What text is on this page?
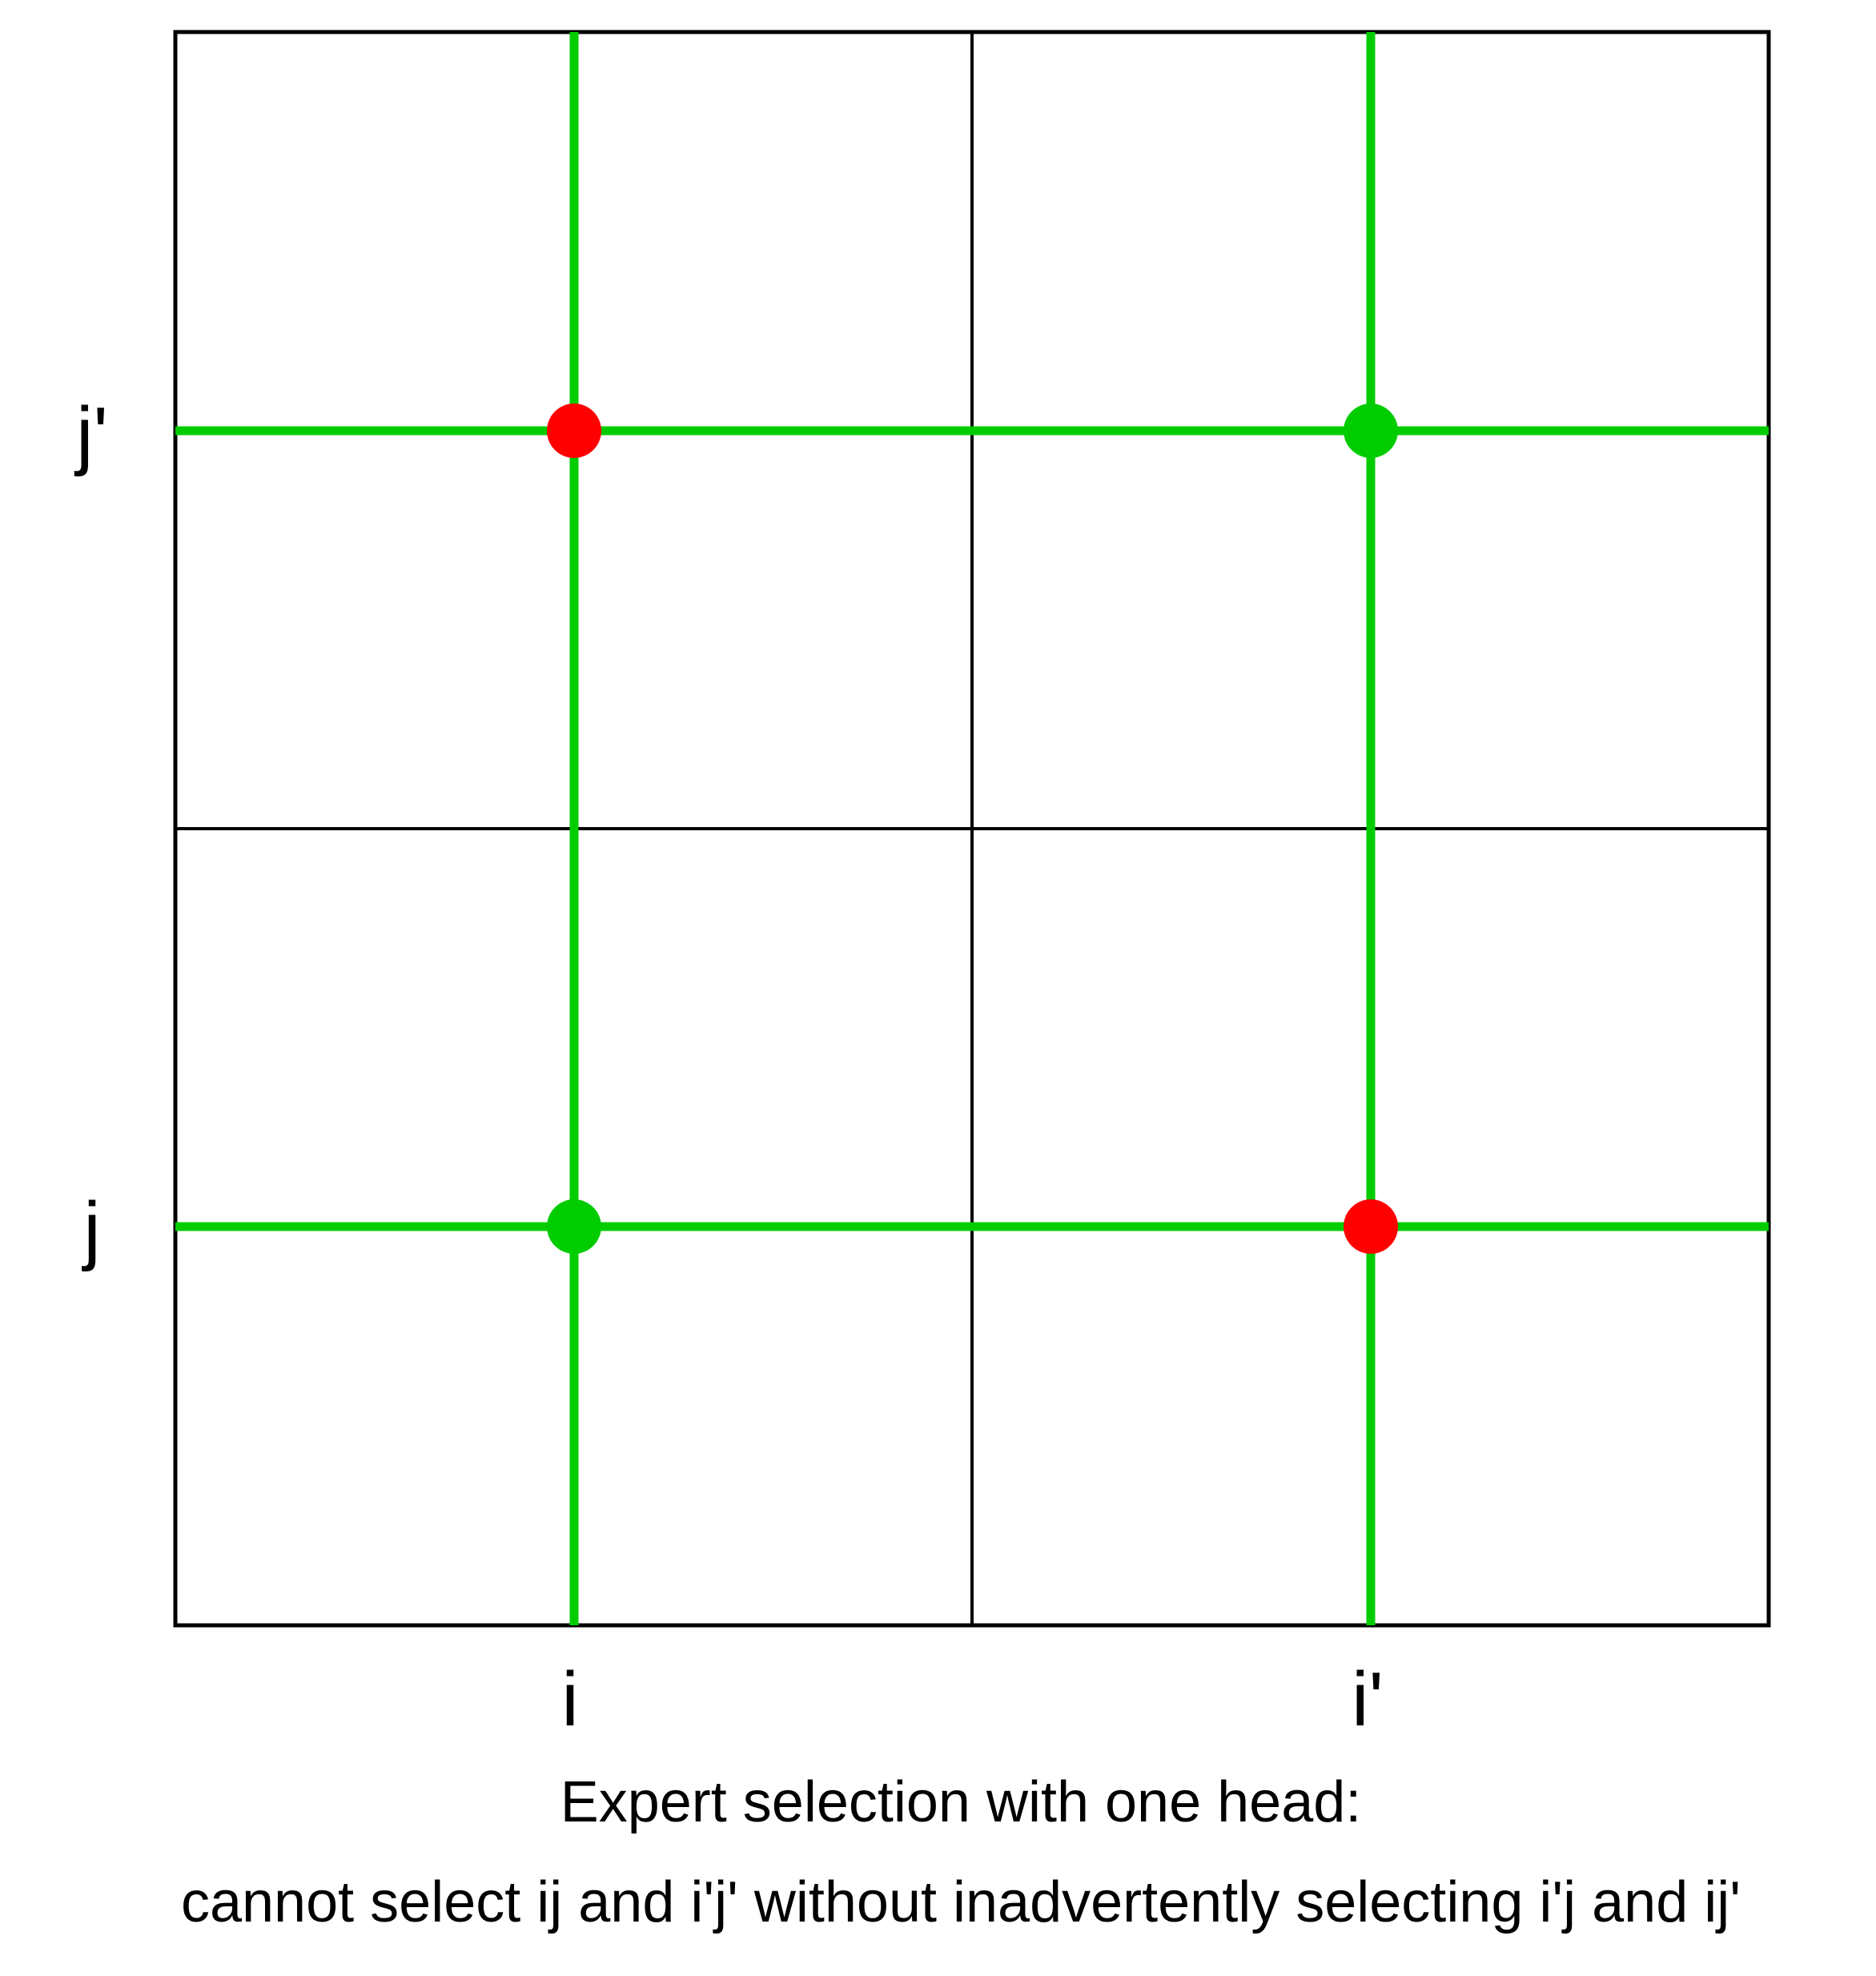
j'
j
i	i'
Expert selection with one head:
cannot select ij and i'j' without inadvertently selecting i'j and ij'
